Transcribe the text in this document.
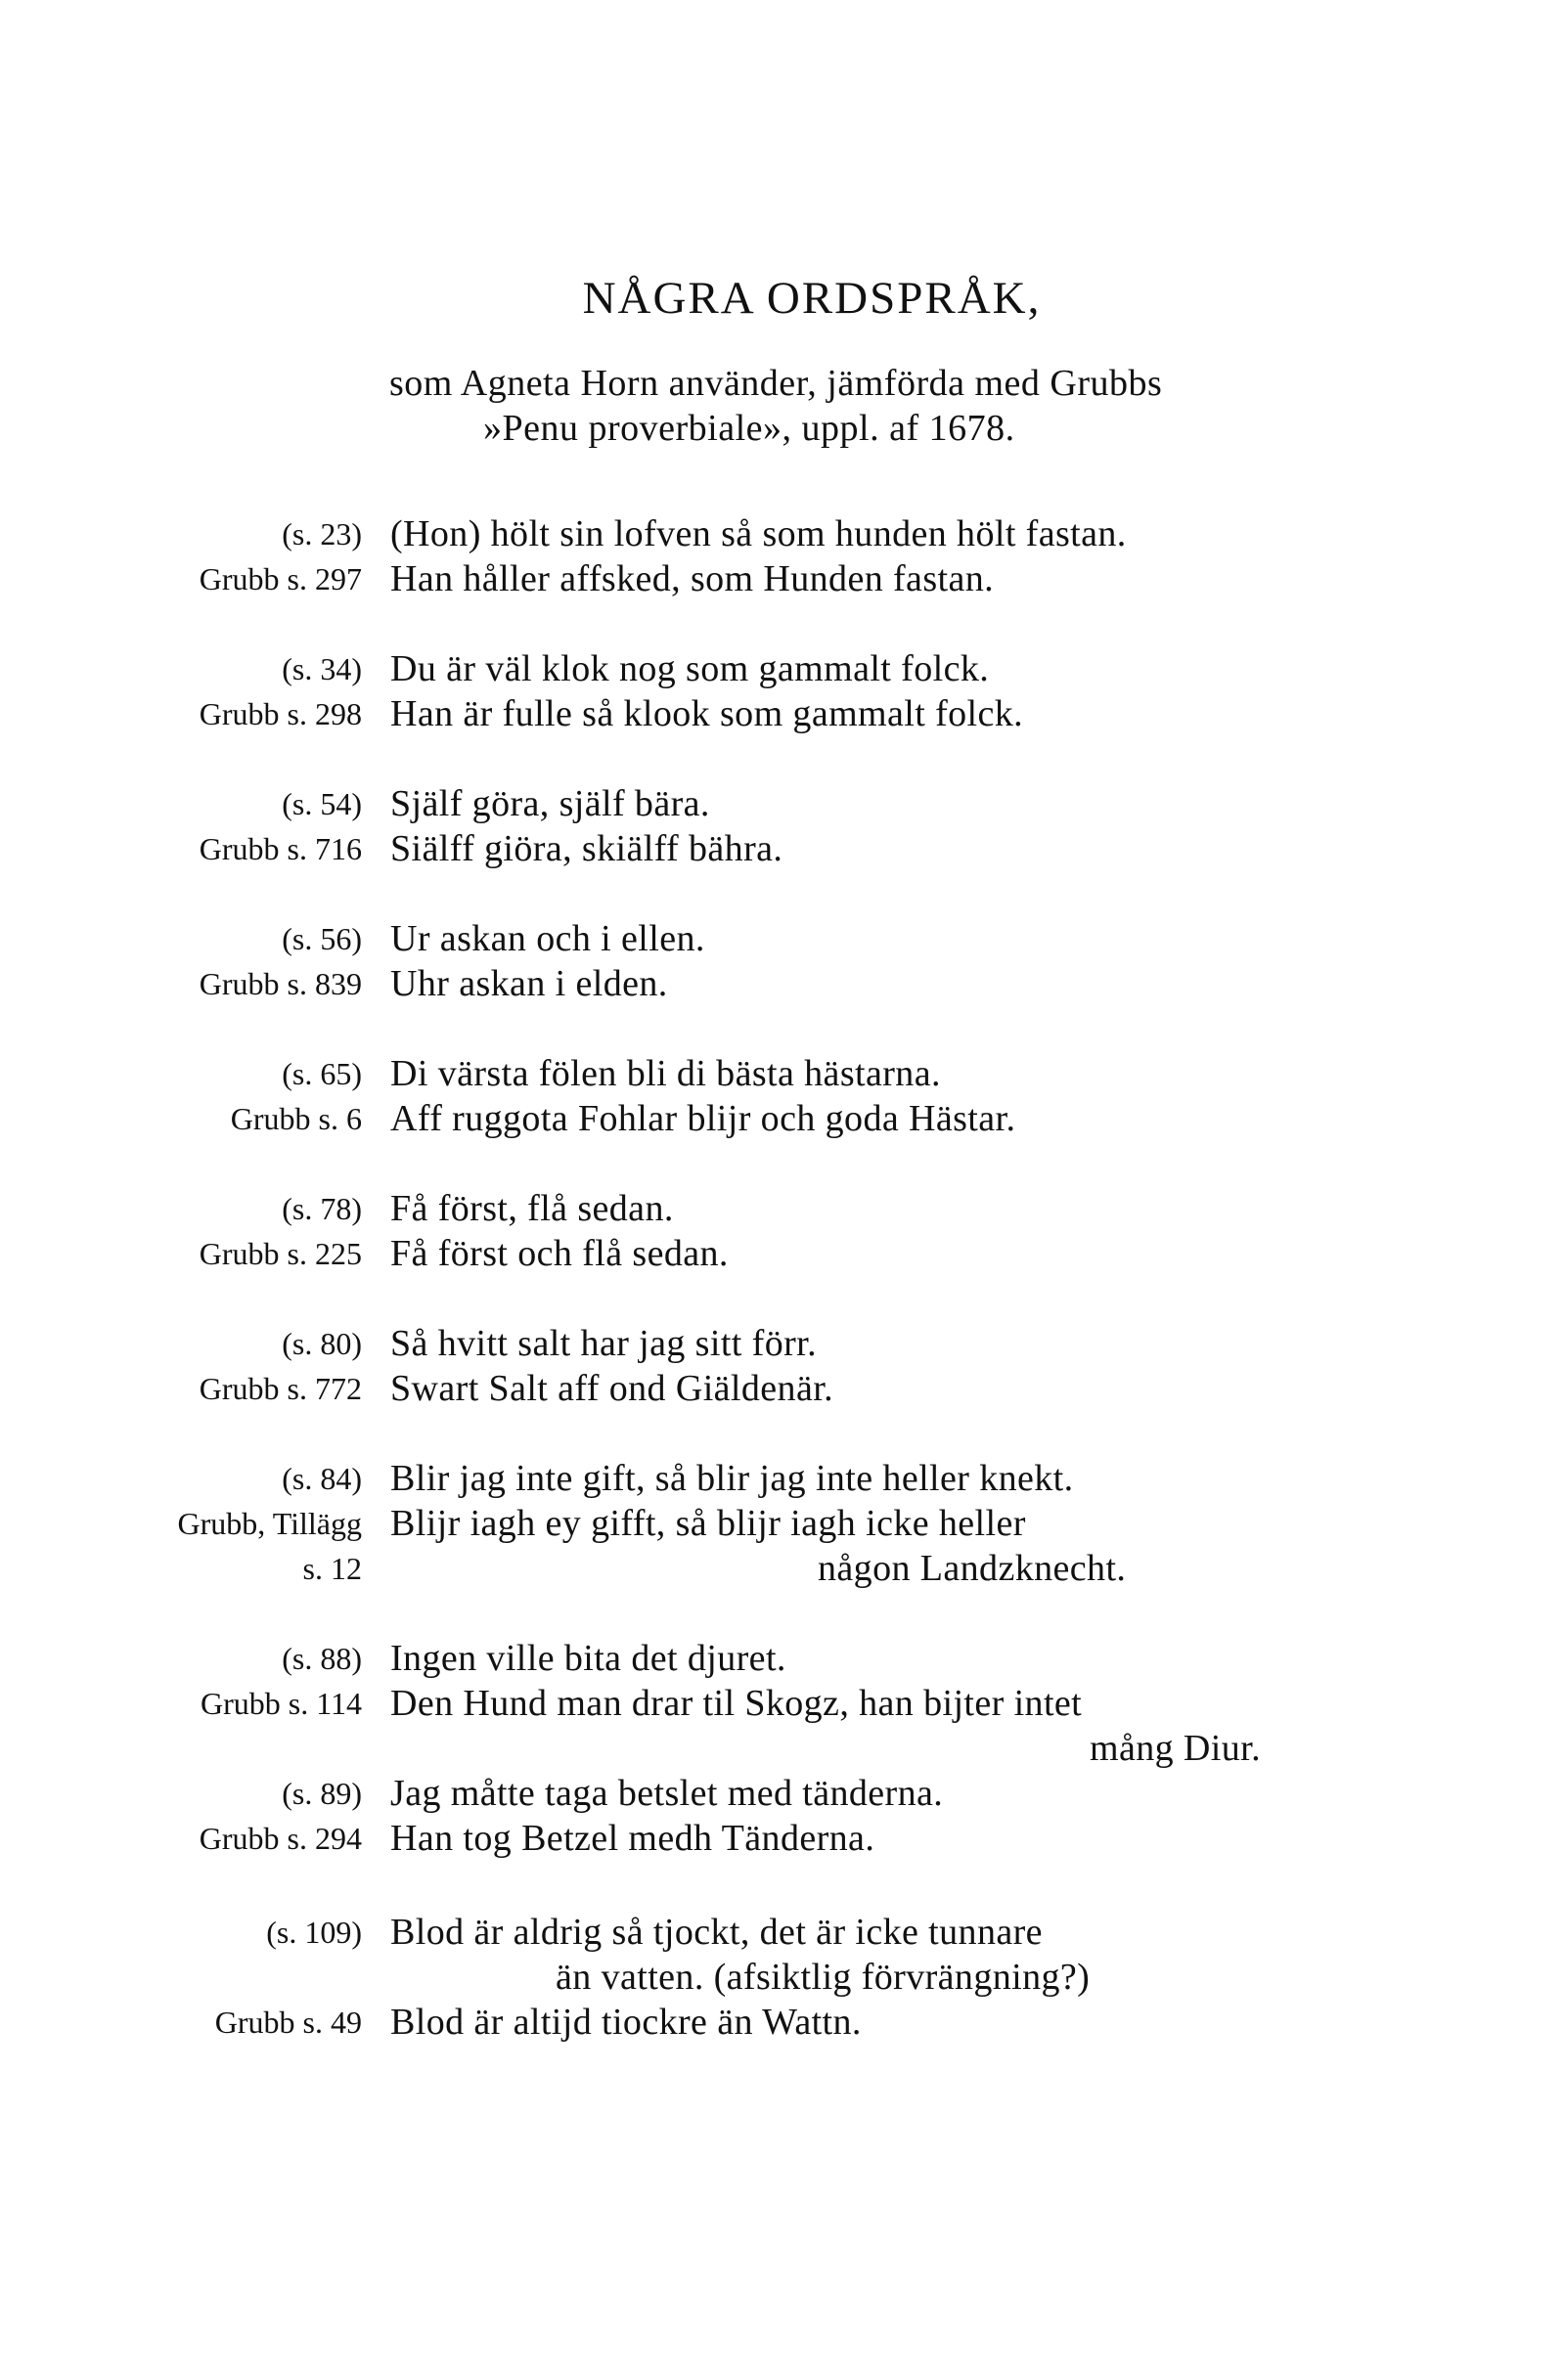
NÅGRA ORDSPRÅK,
som Agneta Horn använder, jämförda med Grubbs
»Penu proverbiale», uppl. af 1678.
(s. 23) (Hon) hölt sin lofven så som hunden hölt fastan.
Grubb s. 297 Han håller affsked, som Hunden fastan.
(s. 34) Du är väl klok nog som gammalt folck.
Grubb s. 298 Han är fulle så klook som gammalt folck.
(s. 54) Själf göra, själf bära.
Grubb s. 716 Siälff giöra, skiälff bähra.
(s. 56) Ur askan och i ellen.
Grubb s. 839 Uhr askan i elden.
(s. 65) Di värsta fölen bli di bästa hästarna.
Grubb s. 6 Aff ruggota Fohlar blijr och goda Hästar.
(s. 78) Få först, flå sedan.
Grubb s. 225 Få först och flå sedan.
(s. 80) Så hvitt salt har jag sitt förr.
Grubb s. 772 Swart Salt aff ond Giäldenär.
(s. 84) Blir jag inte gift, så blir jag inte heller knekt.
Grubb, Tillägg Blijr iagh ey gifft, så blijr iagh icke heller
s. 12	någon Landzknecht.
(s. 88) Ingen ville bita det djuret.
Grubb s. 114 Den Hund man drar til Skogz, han bijter intet
mång Diur.
(s. 89) Jag måtte taga betslet med tänderna.
Grubb s. 294 Han tog Betzel medh Tänderna.
(s. 109) Blod är aldrig så tjockt, det är icke tunnare
än vatten. (afsiktlig förvrängning?)
Grubb s. 49 Blod är altijd tiockre än Wattn.
